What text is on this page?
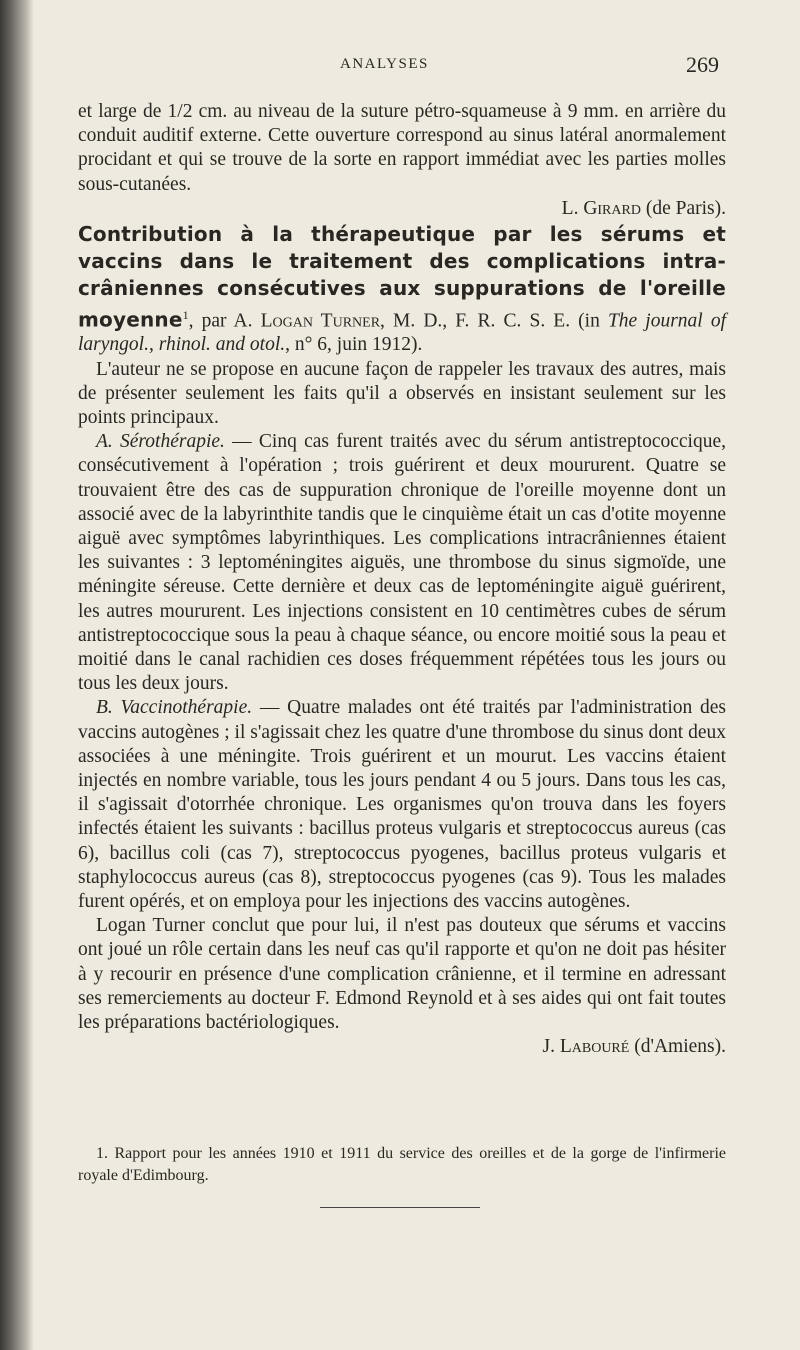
ANALYSES	269

et large de 1/2 cm. au niveau de la suture pétro-squameuse à 9 mm. en arrière du conduit auditif externe. Cette ouverture correspond au sinus latéral anormalement procidant et qui se trouve de la sorte en rapport immédiat avec les parties molles sous-cutanées.

L. Girard (de Paris).

Contribution à la thérapeutique par les sérums et vaccins dans le traitement des complications intra-crâniennes consécutives aux suppurations de l'oreille moyenne$^1$, par A. Logan Turner, M. D., F. R. C. S. E. (in The journal of laryngol., rhinol. and otol., n° 6, juin 1912).

L'auteur ne se propose en aucune façon de rappeler les travaux des autres, mais de présenter seulement les faits qu'il a observés en insistant seulement sur les points principaux.

A. Sérothérapie. — Cinq cas furent traités avec du sérum antistreptococcique, consécutivement à l'opération ; trois guérirent et deux moururent. Quatre se trouvaient être des cas de suppuration chronique de l'oreille moyenne dont un associé avec de la labyrinthite tandis que le cinquième était un cas d'otite moyenne aiguë avec symptômes labyrinthiques. Les complications intracrâniennes étaient les suivantes : 3 leptoméningites aiguës, une thrombose du sinus sigmoïde, une méningite séreuse. Cette dernière et deux cas de leptoméningite aiguë guérirent, les autres moururent. Les injections consistent en 10 centimètres cubes de sérum antistreptococcique sous la peau à chaque séance, ou encore moitié sous la peau et moitié dans le canal rachidien ces doses fréquemment répétées tous les jours ou tous les deux jours.

B. Vaccinothérapie. — Quatre malades ont été traités par l'administration des vaccins autogènes ; il s'agissait chez les quatre d'une thrombose du sinus dont deux associées à une méningite. Trois guérirent et un mourut. Les vaccins étaient injectés en nombre variable, tous les jours pendant 4 ou 5 jours. Dans tous les cas, il s'agissait d'otorrhée chronique. Les organismes qu'on trouva dans les foyers infectés étaient les suivants : bacillus proteus vulgaris et streptococcus aureus (cas 6), bacillus coli (cas 7), streptococcus pyogenes, bacillus proteus vulgaris et staphylococcus aureus (cas 8), streptococcus pyogenes (cas 9). Tous les malades furent opérés, et on employa pour les injections des vaccins autogènes.

Logan Turner conclut que pour lui, il n'est pas douteux que sérums et vaccins ont joué un rôle certain dans les neuf cas qu'il rapporte et qu'on ne doit pas hésiter à y recourir en présence d'une complication crânienne, et il termine en adressant ses remerciements au docteur F. Edmond Reynold et à ses aides qui ont fait toutes les préparations bactériologiques.

J. Labouré (d'Amiens).

1. Rapport pour les années 1910 et 1911 du service des oreilles et de la gorge de l'infirmerie royale d'Edimbourg.
